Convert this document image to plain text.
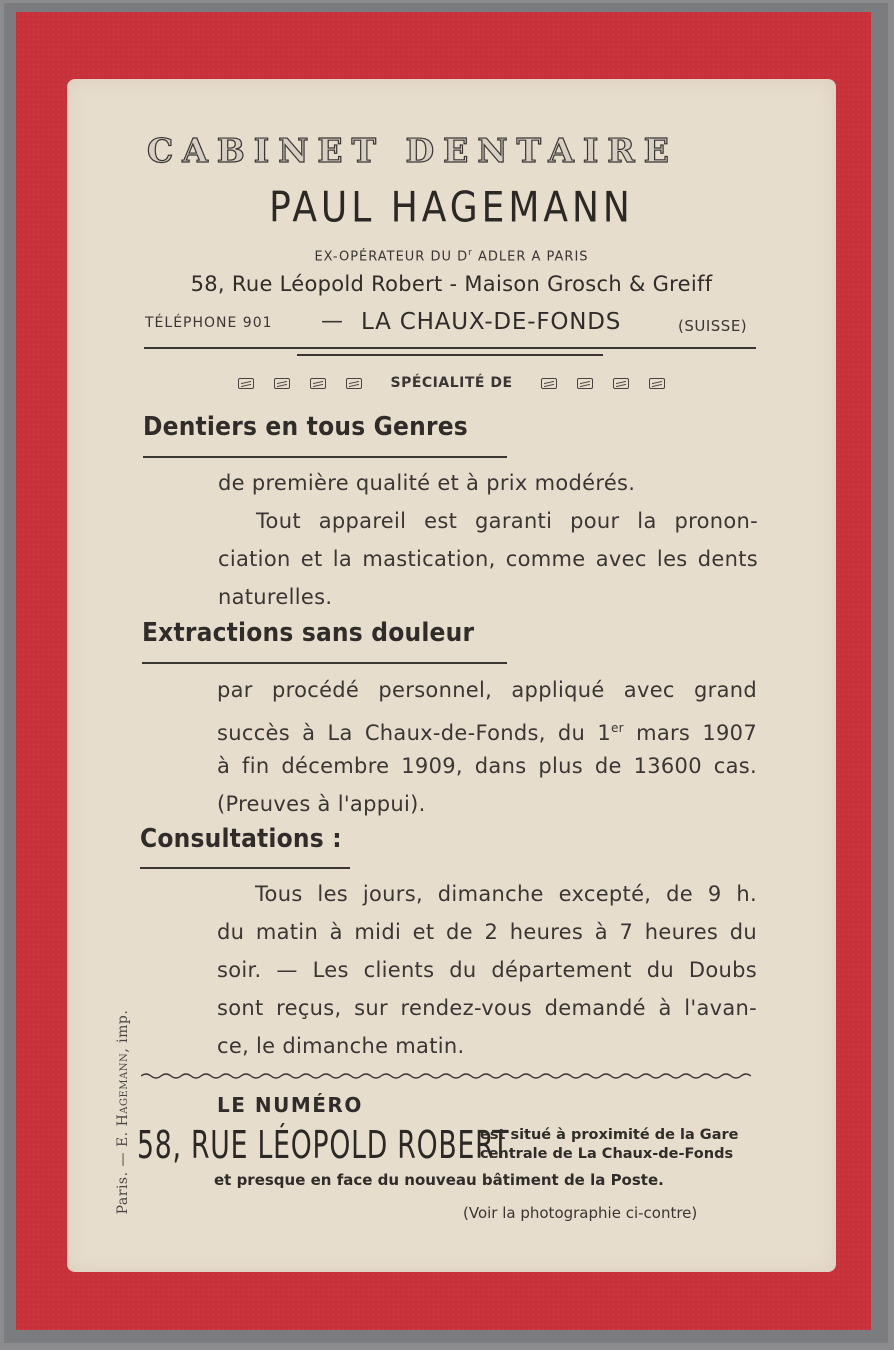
CABINET DENTAIRE
PAUL HAGEMANN
EX-OPÉRATEUR DU $D^r$ ADLER A PARIS
58, Rue Léopold Robert - Maison Grosch & Greiff
TÉLÉPHONE 901 — LA CHAUX-DE-FONDS	(SUISSE)
SPÉCIALITÉ DE
Dentiers en tous Genres
de première qualité et à prix modérés.
Tout appareil est garanti pour la pronon-
ciation et la mastication, comme avec les dents
naturelles.
Extractions sans douleur
par procédé personnel, appliqué avec grand
succès à La Chaux-de-Fonds, du 1er mars 1907
à fin décembre 1909, dans plus de 13600 cas.
(Preuves à l'appui).
Consultations :
Tous les jours, dimanche excepté, de 9 h.
du matin à midi et de 2 heures à 7 heures du
soir. — Les clients du département du Doubs
sont reçus, sur rendez-vous demandé à l'avan-
ce, le dimanche matin.
LE NUMÉRO
58, RUE LÉOPOLD ROBERT
est situé à proximité de la Gare
centrale de La Chaux-de-Fonds
et presque en face du nouveau bâtiment de la Poste.
(Voir la photographie ci-contre)
Paris. — E. Hagemann, imp.
